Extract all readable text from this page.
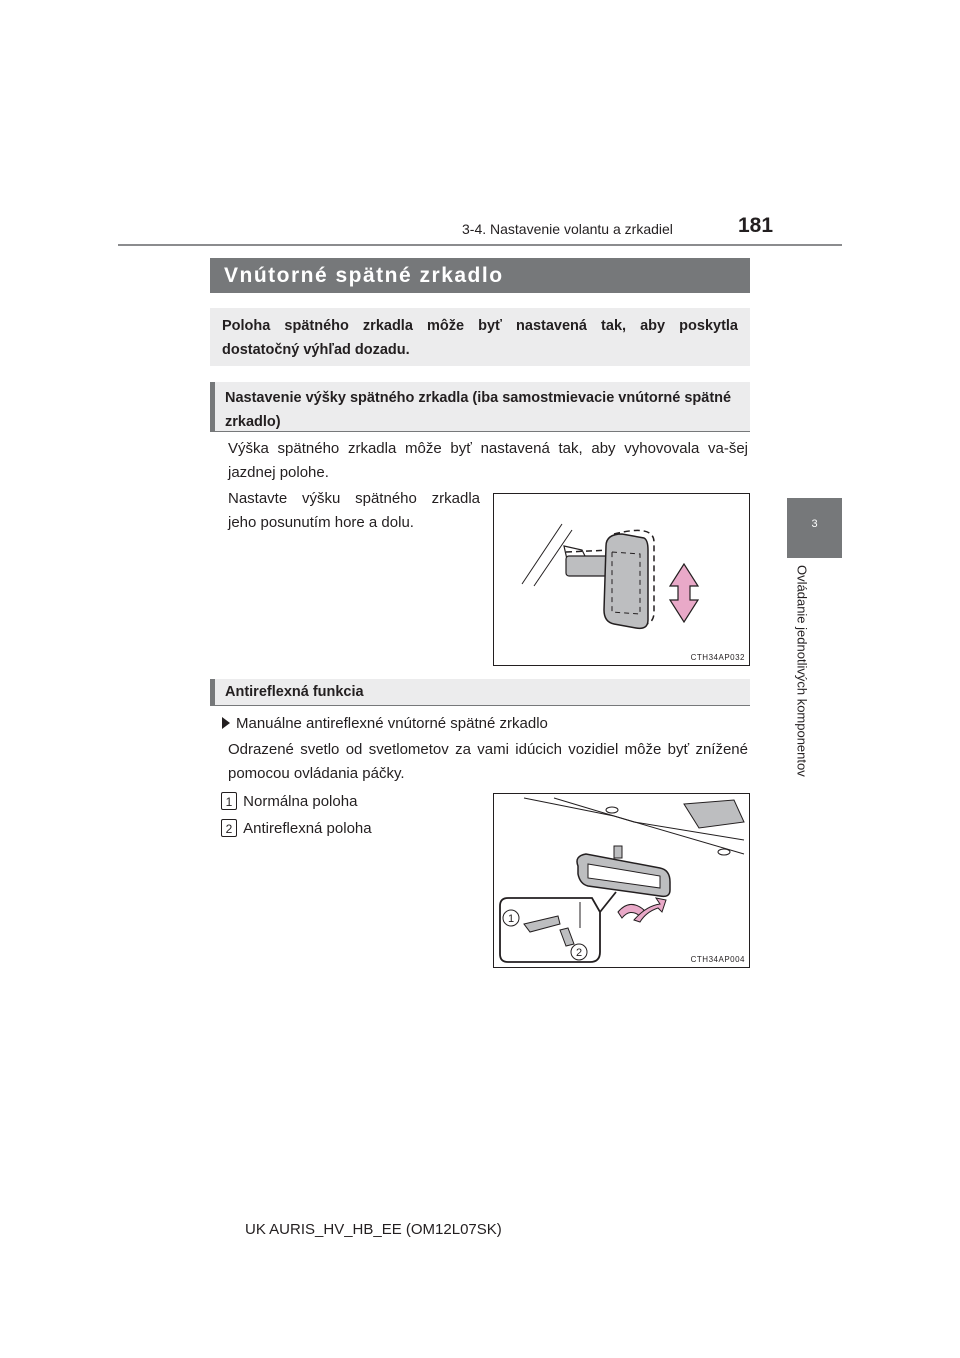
3-4. Nastavenie volantu a zrkadiel	181
3
Ovládanie jednotlivých komponentov
Vnútorné spätné zrkadlo
Poloha spätného zrkadla môže byť nastavená tak, aby poskytla dostatočný výhľad dozadu.
Nastavenie výšky spätného zrkadla (iba samostmievacie vnútorné spätné zrkadlo)
Výška spätného zrkadla môže byť nastavená tak, aby vyhovovala va-šej jazdnej polohe.
Nastavte výšku spätného zrkadla jeho posunutím hore a dolu.
CTH34AP032
Antireflexná funkcia
Manuálne antireflexné vnútorné spätné zrkadlo
Odrazené svetlo od svetlometov za vami idúcich vozidiel môže byť znížené pomocou ovládania páčky.
1 Normálna poloha
2 Antireflexná poloha
1
2
CTH34AP004
UK AURIS_HV_HB_EE (OM12L07SK)
